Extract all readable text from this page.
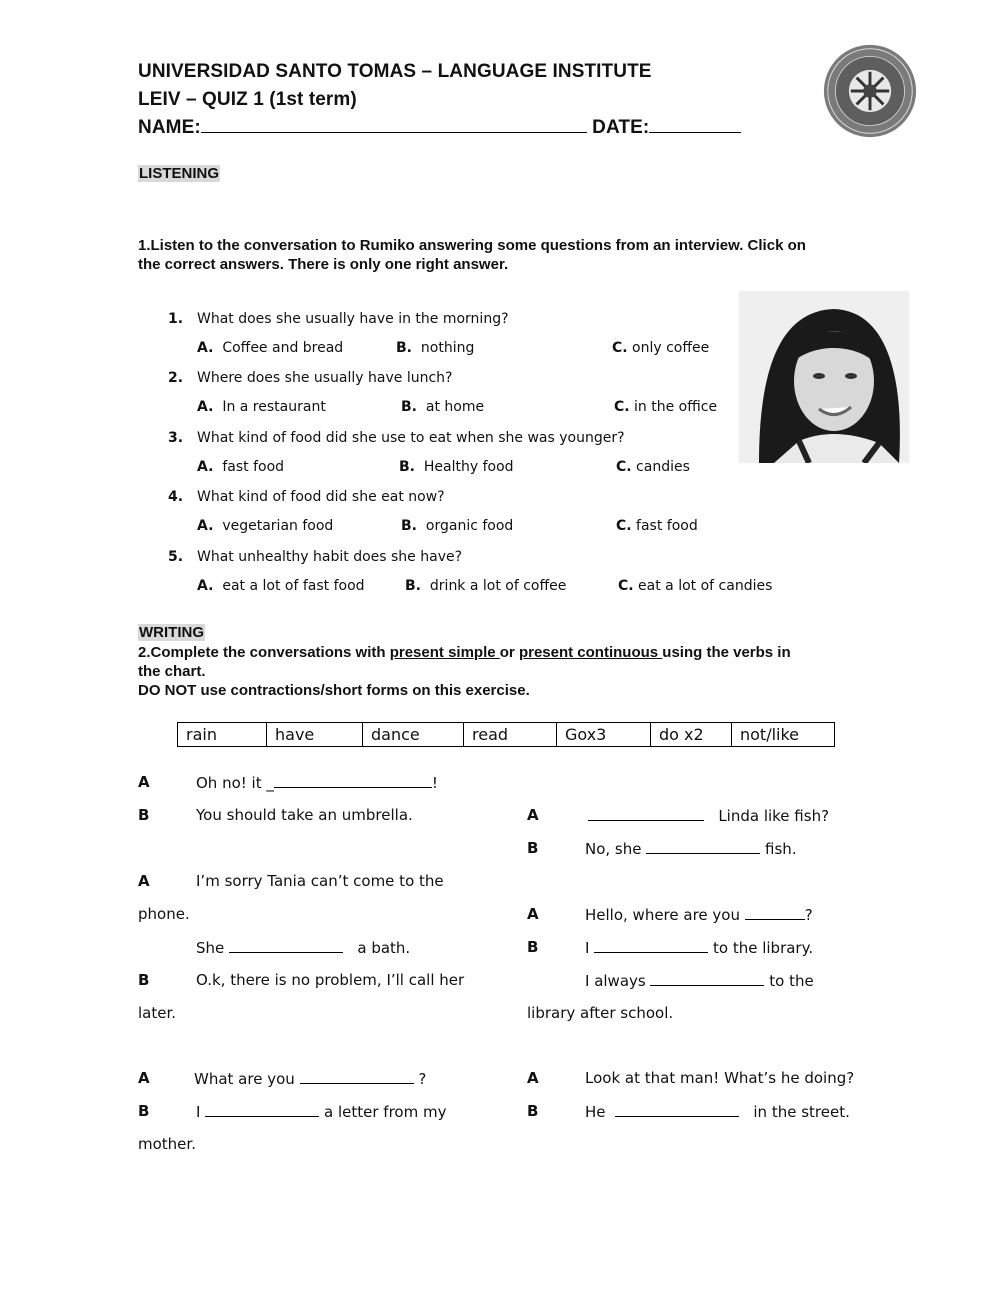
UNIVERSIDAD SANTO TOMAS – LANGUAGE INSTITUTE
LEIV – QUIZ 1 (1st term)
NAME:	DATE:
LISTENING
1.Listen to the conversation to Rumiko answering some questions from an interview. Click on
the correct answers. There is only one right answer.
1. What does she usually have in the morning?
A. Coffee and bread	B. nothing	C. only coffee
2. Where does she usually have lunch?
A. In a restaurant	B. at home	C. in the office
3. What kind of food did she use to eat when she was younger?
A. fast food	B. Healthy food	C. candies
4. What kind of food did she eat now?
A. vegetarian food	B. organic food	C. fast food
5. What unhealthy habit does she have?
A. eat a lot of fast food	B. drink a lot of coffee	C. eat a lot of candies
WRITING
2.Complete the conversations with present simple or present continuous using the verbs in
the chart.
DO NOT use contractions/short forms on this exercise.
rain	have	dance	read	Gox3	do x2	not/like
A	Oh no! it _	!
B	You should take an umbrella.
A	I’m sorry Tania can’t come to the
phone.
She	a bath.
B	O.k, there is no problem, I’ll call her
later.
A	What are you	?
B	I	a letter from my
mother.
A	Linda like fish?
B	No, she	fish.
A	Hello, where are you	?
B	I	to the library.
I always	to the
library after school.
A	Look at that man! What’s he doing?
B	He	in the street.
